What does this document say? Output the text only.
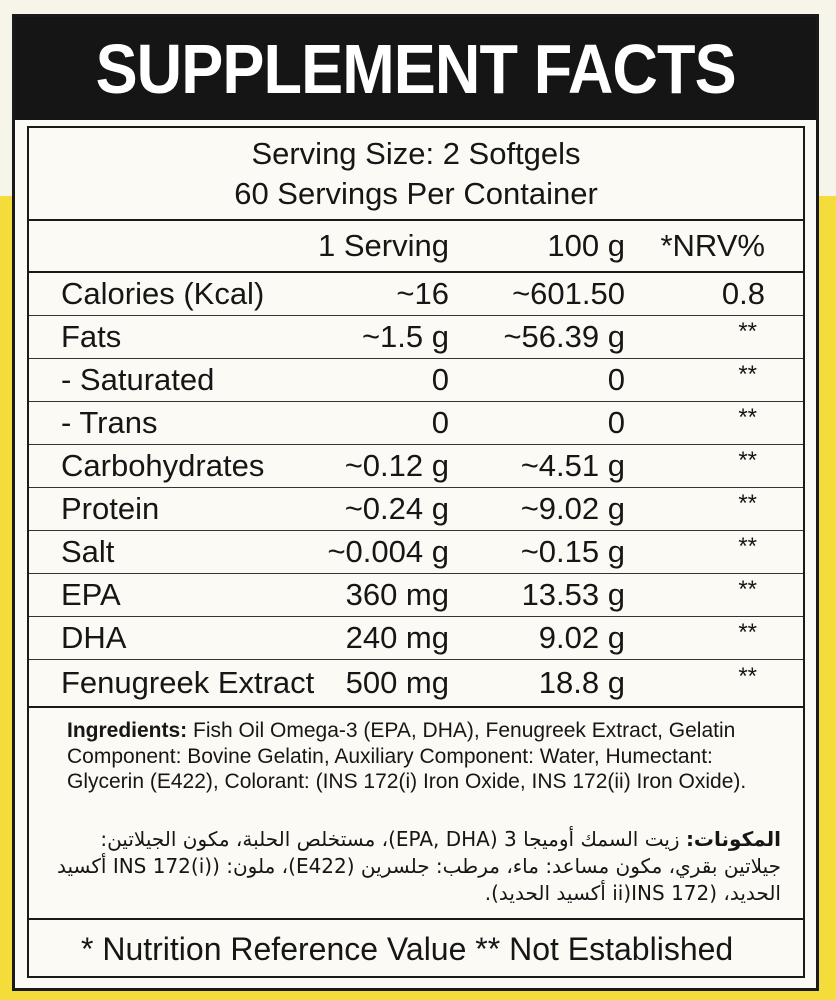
SUPPLEMENT FACTS
Serving Size: 2 Softgels
60 Servings Per Container
1 Serving	100 g *NRV%
Calories (Kcal)	~16 ~601.50	0.8
Fats	~1.5 g ~56.39 g	**
- Saturated	0	0	**
- Trans	0	0	**
Carbohydrates	~0.12 g ~4.51 g	**
Protein	~0.24 g ~9.02 g	**
Salt	~0.004 g ~0.15 g	**
EPA	360 mg 13.53 g	**
DHA	240 mg	9.02 g	**
Fenugreek Extract 500 mg	18.8 g	**
Ingredients: Fish Oil Omega-3 (EPA, DHA), Fenugreek Extract, Gelatin Component: Bovine Gelatin, Auxiliary Component: Water, Humectant: Glycerin (E422), Colorant: (INS 172(i) Iron Oxide, INS 172(ii) Iron Oxide).
المكونات: زيت السمك أوميجا 3 (EPA, DHA)، مستخلص الحلبة، مكون الجيلاتين: جيلاتين بقري، مكون مساعد: ماء، مرطب: جلسرين (E422)، ملون: ((INS 172(i أكسيد الحديد، (INS 172(ii أكسيد الحديد).
* Nutrition Reference Value ** Not Established
